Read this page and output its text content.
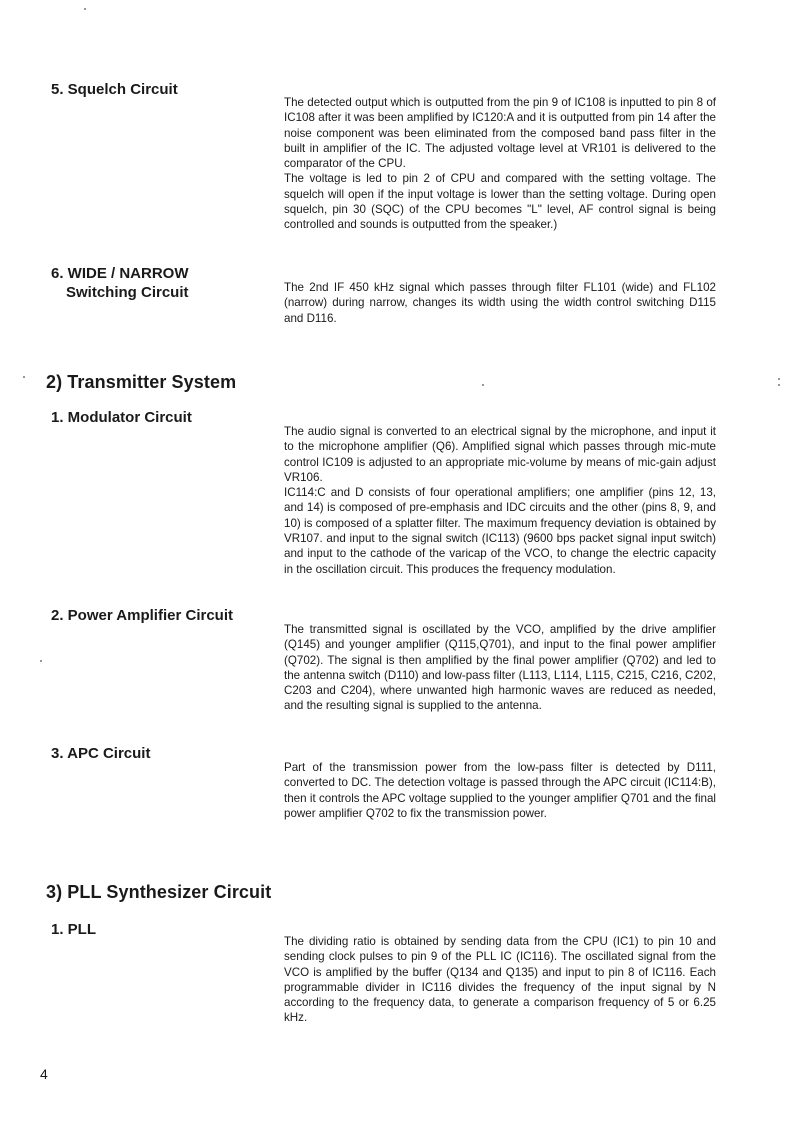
5. Squelch Circuit

The detected output which is outputted from the pin 9 of IC108 is inputted to pin 8 of IC108 after it was been amplified by IC120:A and it is outputted from pin 14 after the noise component was been eliminated from the composed band pass filter in the built in amplifier of the IC. The adjusted voltage level at VR101 is delivered to the comparator of the CPU.
The voltage is led to pin 2 of CPU and compared with the setting voltage. The squelch will open if the input voltage is lower than the setting voltage. During open squelch, pin 30 (SQC) of the CPU becomes "L" level, AF control signal is being controlled and sounds is outputted from the speaker.)

6. WIDE / NARROW
Switching Circuit	The 2nd IF 450 kHz signal which passes through filter FL101 (wide) and FL102 (narrow) during narrow, changes its width using the width control switching D115 and D116.

2) Transmitter System
1. Modulator Circuit

The audio signal is converted to an electrical signal by the microphone, and input it to the microphone amplifier (Q6). Amplified signal which passes through mic-mute control IC109 is adjusted to an appropriate mic-volume by means of mic-gain adjust VR106.
IC114:C and D consists of four operational amplifiers; one amplifier (pins 12, 13, and 14) is composed of pre-emphasis and IDC circuits and the other (pins 8, 9, and 10) is composed of a splatter filter. The maximum frequency deviation is obtained by VR107. and input to the signal switch (IC113) (9600 bps packet signal input switch) and input to the cathode of the varicap of the VCO, to change the electric capacity in the oscillation circuit. This produces the frequency modulation.

2. Power Amplifier Circuit

The transmitted signal is oscillated by the VCO, amplified by the drive amplifier (Q145) and younger amplifier (Q115,Q701), and input to the final power amplifier (Q702). The signal is then amplified by the final power amplifier (Q702) and led to the antenna switch (D110) and low-pass filter (L113, L114, L115, C215, C216, C202, C203 and C204), where unwanted high harmonic waves are reduced as needed, and the resulting signal is supplied to the antenna.

3. APC Circuit

Part of the transmission power from the low-pass filter is detected by D111, converted to DC. The detection voltage is passed through the APC circuit (IC114:B), then it controls the APC voltage supplied to the younger amplifier Q701 and the final power amplifier Q702 to fix the transmission power.

3) PLL Synthesizer Circuit
1. PLL

The dividing ratio is obtained by sending data from the CPU (IC1) to pin 10 and sending clock pulses to pin 9 of the PLL IC (IC116). The oscillated signal from the VCO is amplified by the buffer (Q134 and Q135) and input to pin 8 of IC116. Each programmable divider in IC116 divides the frequency of the input signal by N according to the frequency data, to generate a comparison frequency of 5 or 6.25 kHz.

4
